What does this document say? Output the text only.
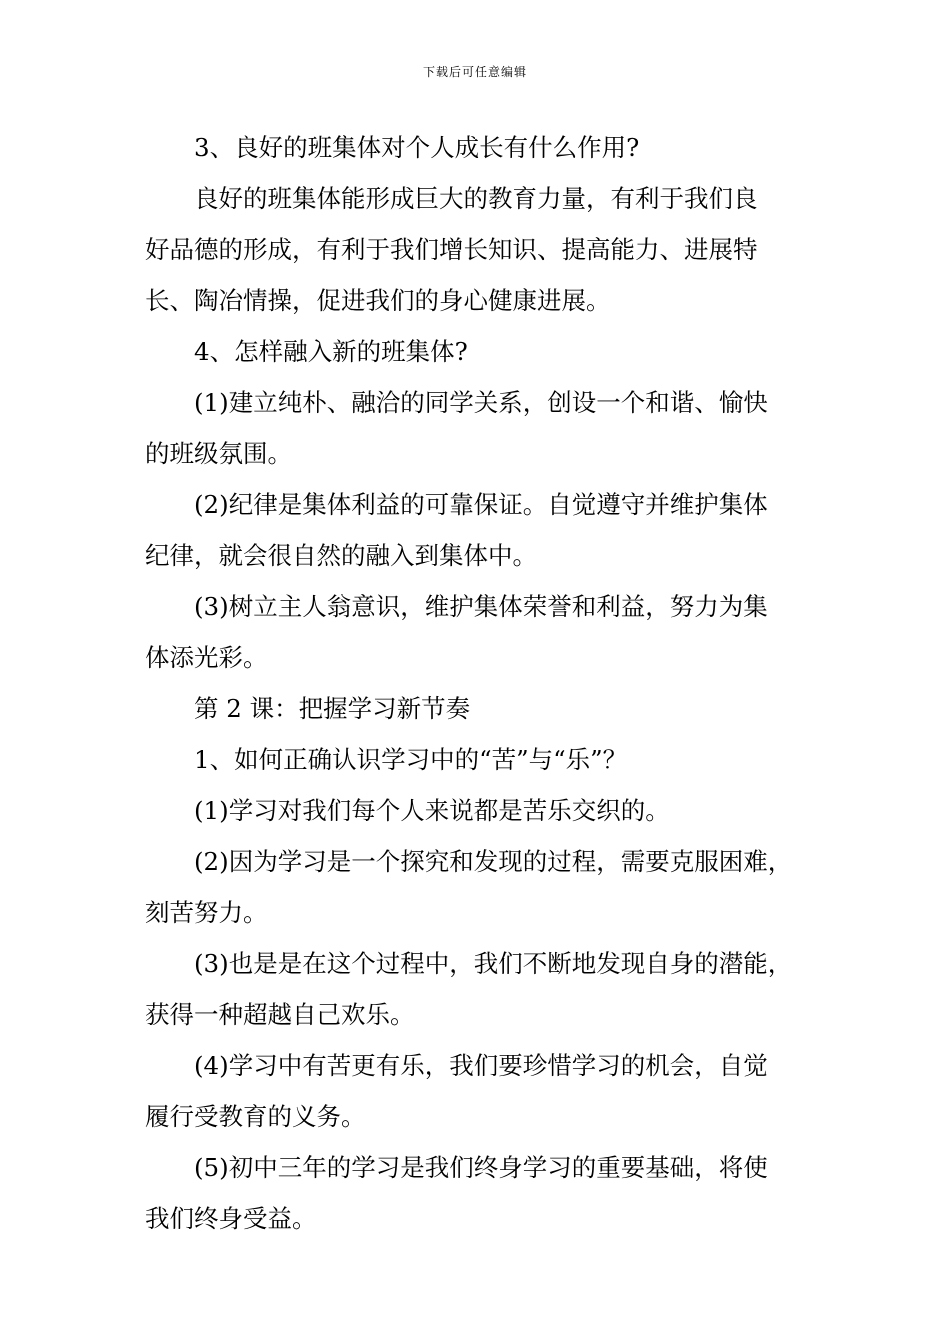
下载后可任意编辑

3、良好的班集体对个人成长有什么作用?

良好的班集体能形成巨大的教育力量，有利于我们良

好品德的形成，有利于我们增长知识、提高能力、进展特

长、陶冶情操，促进我们的身心健康进展。

4、怎样融入新的班集体?

(1)建立纯朴、融洽的同学关系，创设一个和谐、愉快

的班级氛围。

(2)纪律是集体利益的可靠保证。自觉遵守并维护集体

纪律，就会很自然的融入到集体中。

(3)树立主人翁意识，维护集体荣誉和利益，努力为集

体添光彩。

第 2 课：把握学习新节奏

1、如何正确认识学习中的“苦”与“乐”？

(1)学习对我们每个人来说都是苦乐交织的。

(2)因为学习是一个探究和发现的过程，需要克服困难，

刻苦努力。

(3)也是是在这个过程中，我们不断地发现自身的潜能，

获得一种超越自己欢乐。

(4)学习中有苦更有乐，我们要珍惜学习的机会，自觉

履行受教育的义务。

(5)初中三年的学习是我们终身学习的重要基础，将使

我们终身受益。
